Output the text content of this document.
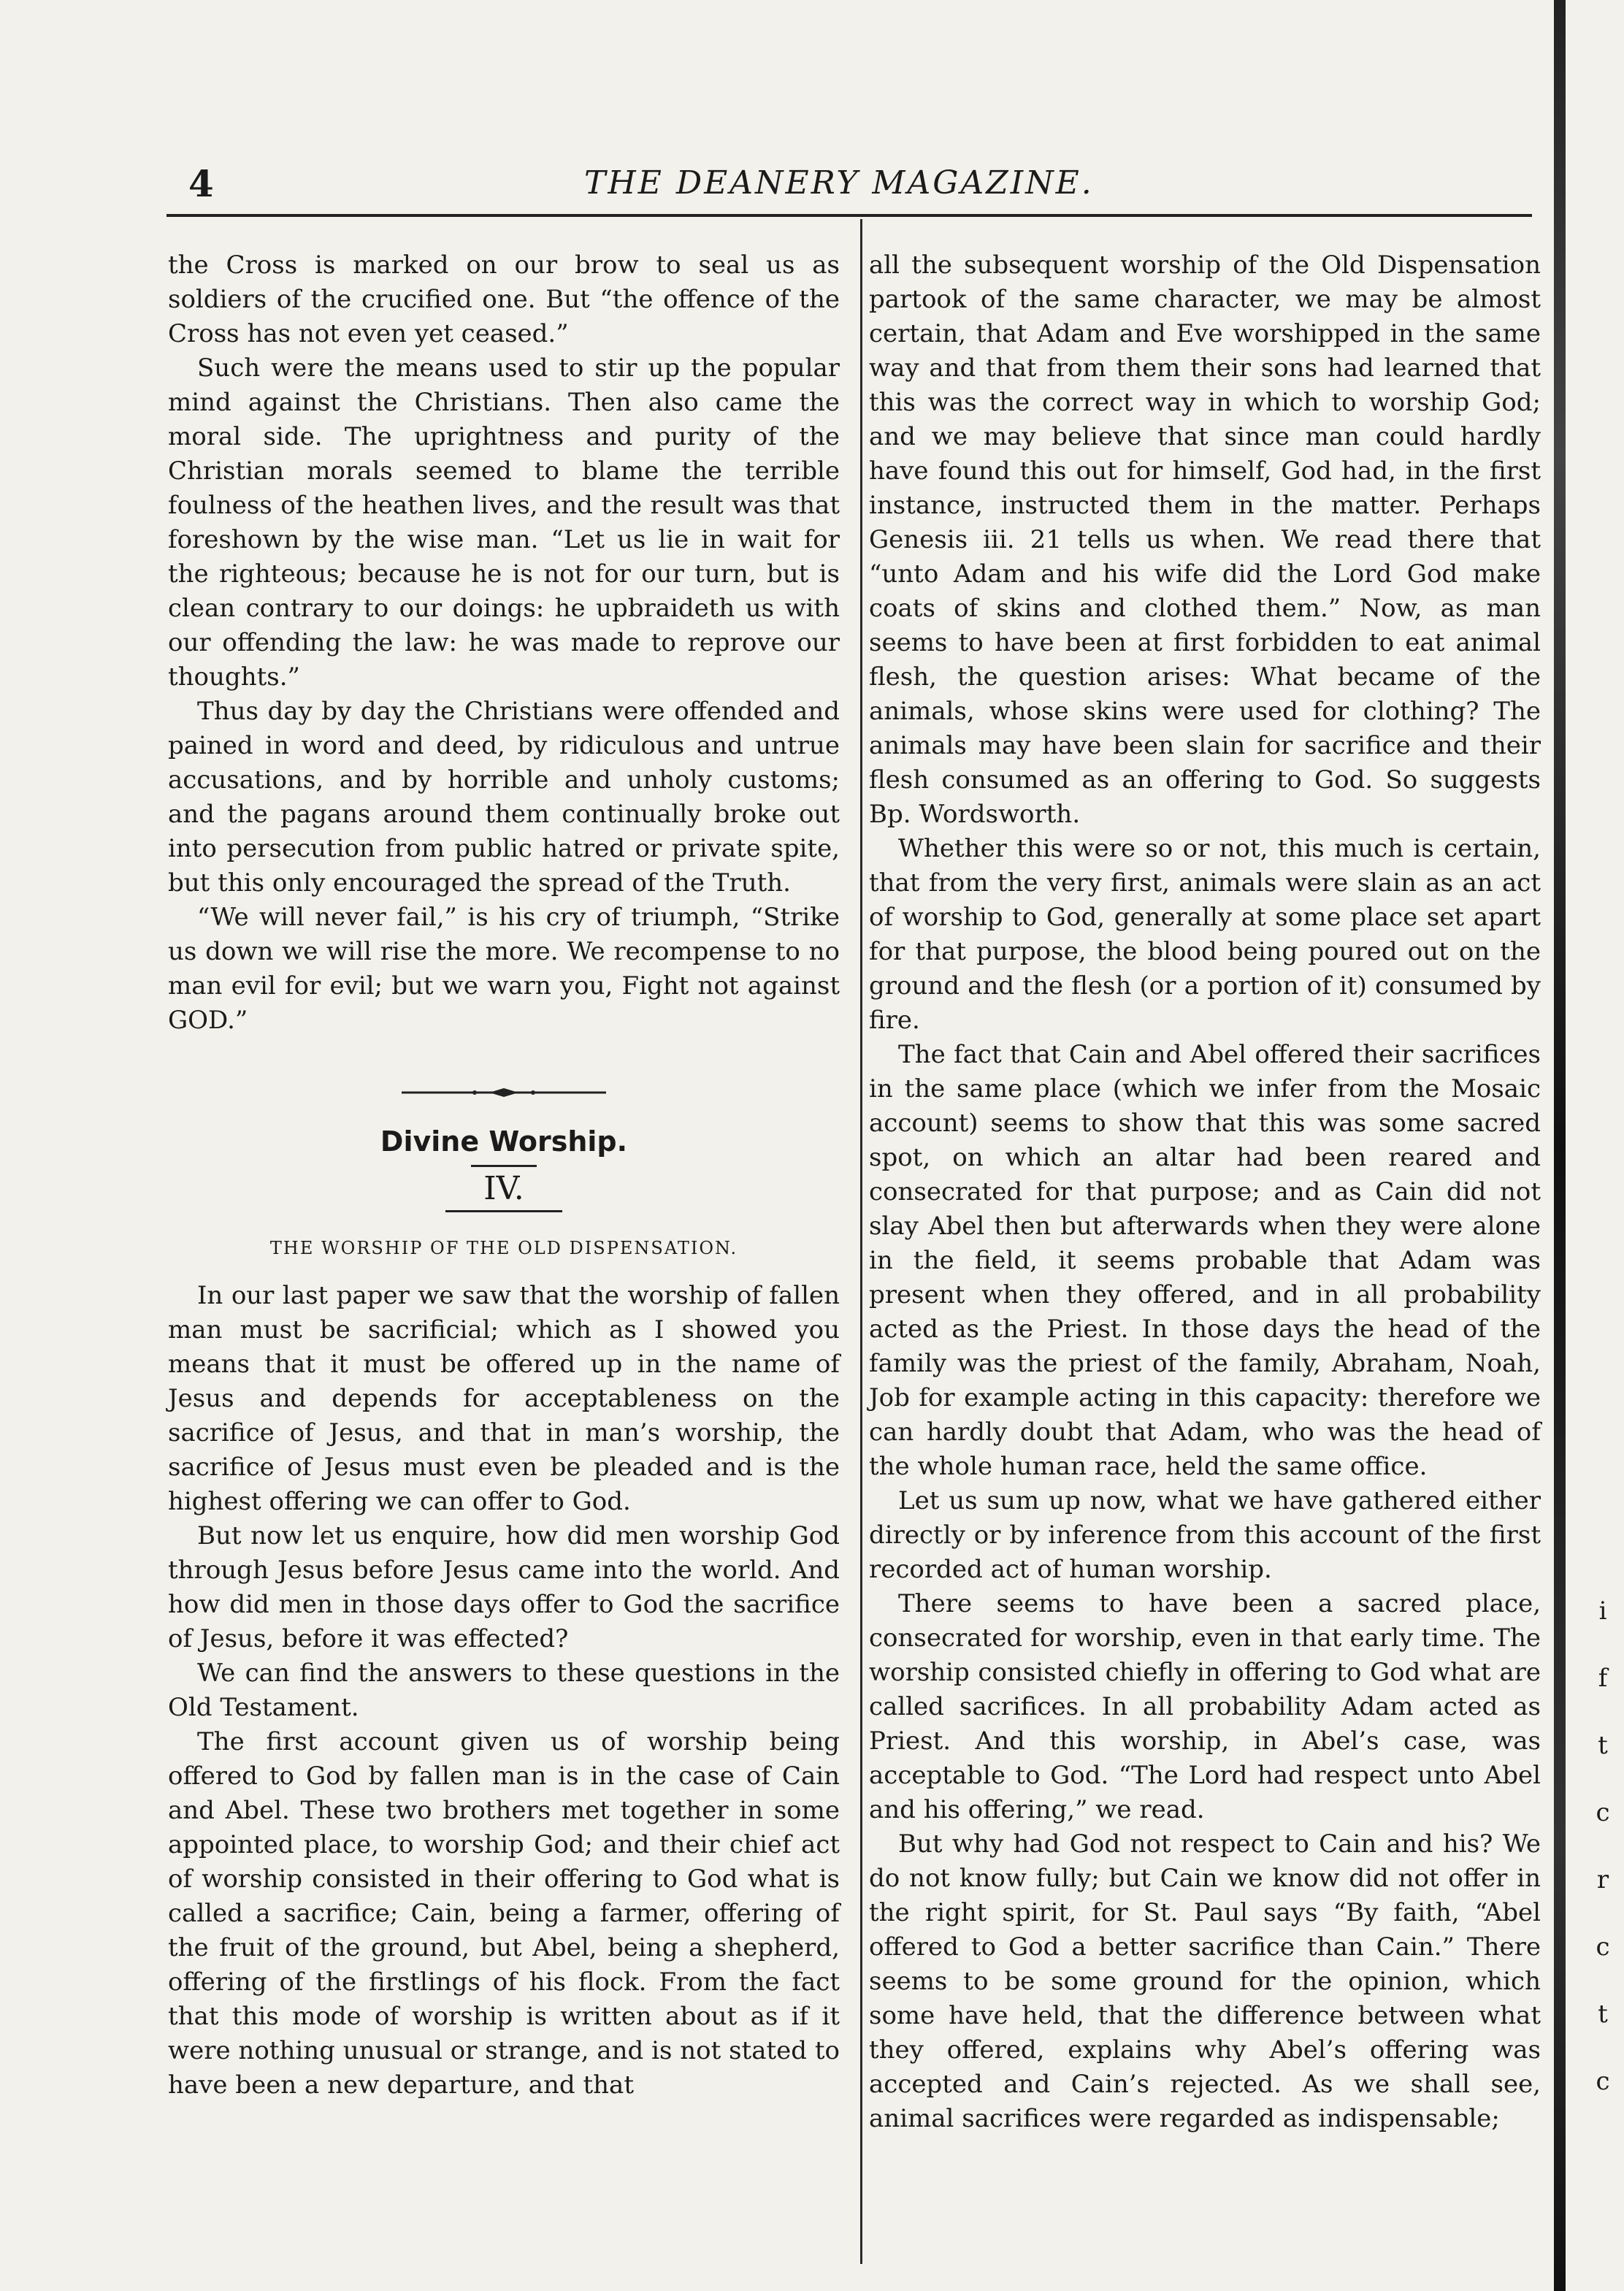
4	THE DEANERY MAGAZINE.

the Cross is marked on our brow to seal us as soldiers of the crucified one. But “the offence of the Cross has not even yet ceased.”

Such were the means used to stir up the popular mind against the Christians. Then also came the moral side. The uprightness and purity of the Christian morals seemed to blame the terrible foulness of the heathen lives, and the result was that foreshown by the wise man. “Let us lie in wait for the righteous; because he is not for our turn, but is clean contrary to our doings: he upbraideth us with our offending the law: he was made to reprove our thoughts.”

Thus day by day the Christians were offended and pained in word and deed, by ridiculous and untrue accusations, and by horrible and unholy customs; and the pagans around them continually broke out into persecution from public hatred or private spite, but this only encouraged the spread of the Truth.

“We will never fail,” is his cry of triumph, “Strike us down we will rise the more. We recompense to no man evil for evil; but we warn you, Fight not against GOD.”

Divine Worship.
IV.
THE WORSHIP OF THE OLD DISPENSATION.

In our last paper we saw that the worship of fallen man must be sacrificial; which as I showed you means that it must be offered up in the name of Jesus and depends for acceptableness on the sacrifice of Jesus, and that in man’s worship, the sacrifice of Jesus must even be pleaded and is the highest offering we can offer to God.

But now let us enquire, how did men worship God through Jesus before Jesus came into the world. And how did men in those days offer to God the sacrifice of Jesus, before it was effected?

We can find the answers to these questions in the Old Testament.

The first account given us of worship being offered to God by fallen man is in the case of Cain and Abel. These two brothers met together in some appointed place, to worship God; and their chief act of worship consisted in their offering to God what is called a sacrifice; Cain, being a farmer, offering of the fruit of the ground, but Abel, being a shepherd, offering of the firstlings of his flock. From the fact that this mode of worship is written about as if it were nothing unusual or strange, and is not stated to have been a new departure, and that

all the subsequent worship of the Old Dispensation partook of the same character, we may be almost certain, that Adam and Eve worshipped in the same way and that from them their sons had learned that this was the correct way in which to worship God; and we may believe that since man could hardly have found this out for himself, God had, in the first instance, instructed them in the matter. Perhaps Genesis iii. 21 tells us when. We read there that “unto Adam and his wife did the Lord God make coats of skins and clothed them.” Now, as man seems to have been at first forbidden to eat animal flesh, the question arises: What became of the animals, whose skins were used for clothing? The animals may have been slain for sacrifice and their flesh consumed as an offering to God. So suggests Bp. Wordsworth.

Whether this were so or not, this much is certain, that from the very first, animals were slain as an act of worship to God, generally at some place set apart for that purpose, the blood being poured out on the ground and the flesh (or a portion of it) consumed by fire.

The fact that Cain and Abel offered their sacrifices in the same place (which we infer from the Mosaic account) seems to show that this was some sacred spot, on which an altar had been reared and consecrated for that purpose; and as Cain did not slay Abel then but afterwards when they were alone in the field, it seems probable that Adam was present when they offered, and in all probability acted as the Priest. In those days the head of the family was the priest of the family, Abraham, Noah, Job for example acting in this capacity: therefore we can hardly doubt that Adam, who was the head of the whole human race, held the same office.

Let us sum up now, what we have gathered either directly or by inference from this account of the first recorded act of human worship.

There seems to have been a sacred place, consecrated for worship, even in that early time. The worship consisted chiefly in offering to God what are called sacrifices. In all probability Adam acted as Priest. And this worship, in Abel’s case, was acceptable to God. “The Lord had respect unto Abel and his offering,” we read.

But why had God not respect to Cain and his? We do not know fully; but Cain we know did not offer in the right spirit, for St. Paul says “By faith, “Abel offered to God a better sacrifice than Cain.” There seems to be some ground for the opinion, which some have held, that the difference between what they offered, explains why Abel’s offering was accepted and Cain’s rejected. As we shall see, animal sacrifices were regarded as indispensable;

i
f
t
c
r
c
t
c
